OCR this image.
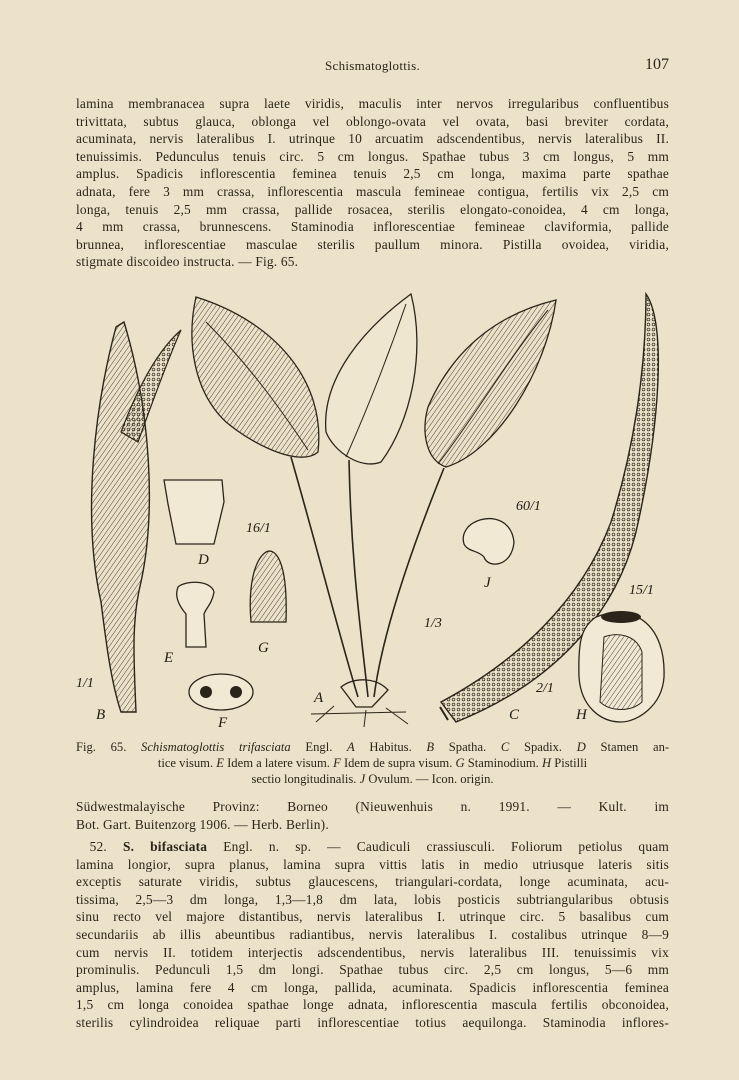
Schismatoglottis.	107
lamina membranacea supra laete viridis, maculis inter nervos irregularibus confluentibus
trivittata, subtus glauca, oblonga vel oblongo-ovata vel ovata, basi breviter cordata,
acuminata, nervis lateralibus I. utrinque 10 arcuatim adscendentibus, nervis lateralibus II.
tenuissimis. Pedunculus tenuis circ. 5 cm longus. Spathae tubus 3 cm longus, 5 mm
amplus. Spadicis inflorescentia feminea tenuis 2,5 cm longa, maxima parte spathae
adnata, fere 3 mm crassa, inflorescentia mascula femineae contigua, fertilis vix 2,5 cm
longa, tenuis 2,5 mm crassa, pallide rosacea, sterilis elongato-conoidea, 4 cm longa,
4 mm crassa, brunnescens. Staminodia inflorescentiae femineae claviformia, pallide
brunnea, inflorescentiae masculae sterilis paullum minora. Pistilla ovoidea, viridia,
stigmate discoideo instructa. — Fig. 65.
B
A
C
D
E
F
G
H
J
1/1
16/1
60/1
1/3
2/1
15/1
Fig. 65. Schismatoglottis trifasciata Engl. A Habitus. B Spatha. C Spadix. D Stamen an-
tice visum. E Idem a latere visum. F Idem de supra visum. G Staminodium. H Pistilli
sectio longitudinalis. J Ovulum. — Icon. origin.
Südwestmalayische Provinz: Borneo (Nieuwenhuis n. 1991. — Kult. im
Bot. Gart. Buitenzorg 1906. — Herb. Berlin).
 52. S. bifasciata Engl. n. sp. — Caudiculi crassiusculi. Foliorum petiolus quam
lamina longior, supra planus, lamina supra vittis latis in medio utriusque lateris sitis
exceptis saturate viridis, subtus glaucescens, triangulari-cordata, longe acuminata, acu-
tissima, 2,5—3 dm longa, 1,3—1,8 dm lata, lobis posticis subtriangularibus obtusis
sinu recto vel majore distantibus, nervis lateralibus I. utrinque circ. 5 basalibus cum
secundariis ab illis abeuntibus radiantibus, nervis lateralibus I. costalibus utrinque 8—9
cum nervis II. totidem interjectis adscendentibus, nervis lateralibus III. tenuissimis vix
prominulis. Pedunculi 1,5 dm longi. Spathae tubus circ. 2,5 cm longus, 5—6 mm
amplus, lamina fere 4 cm longa, pallida, acuminata. Spadicis inflorescentia feminea
1,5 cm longa conoidea spathae longe adnata, inflorescentia mascula fertilis obconoidea,
sterilis cylindroidea reliquae parti inflorescentiae totius aequilonga. Staminodia inflores-
